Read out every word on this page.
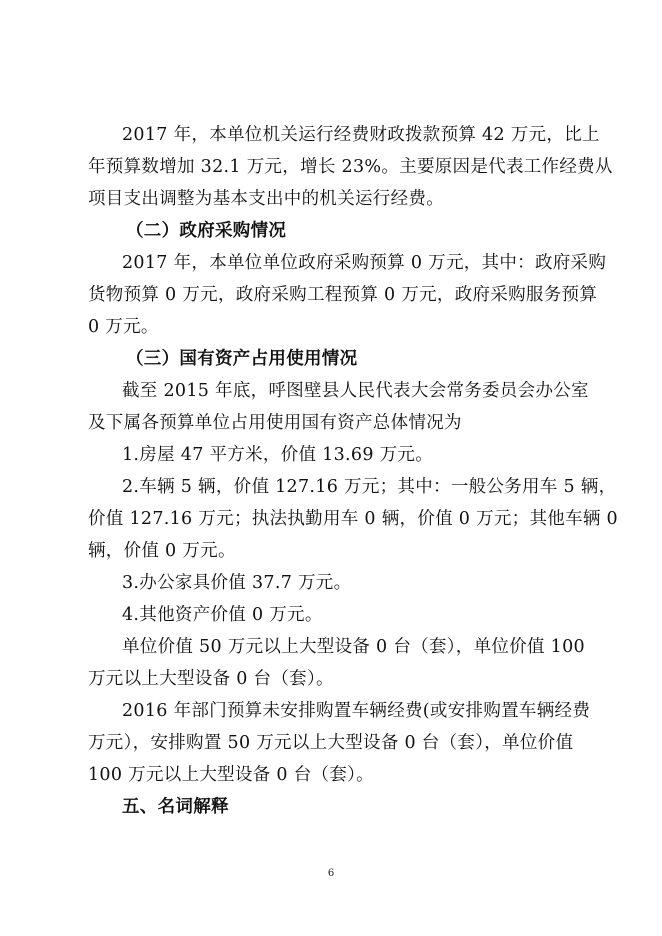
2017 年，本单位机关运行经费财政拨款预算 42 万元，比上
年预算数增加 32.1 万元，增长 23%。主要原因是代表工作经费从
项目支出调整为基本支出中的机关运行经费。
（二）政府采购情况
2017 年，本单位单位政府采购预算 0 万元，其中：政府采购
货物预算 0 万元，政府采购工程预算 0 万元，政府采购服务预算
0 万元。
（三）国有资产占用使用情况
截至 2015 年底，呼图壁县人民代表大会常务委员会办公室
及下属各预算单位占用使用国有资产总体情况为
1.房屋 47 平方米，价值 13.69 万元。
2.车辆 5 辆，价值 127.16 万元；其中：一般公务用车 5 辆，
价值 127.16 万元；执法执勤用车 0 辆，价值 0 万元；其他车辆 0
辆，价值 0 万元。
3.办公家具价值 37.7 万元。
4.其他资产价值 0 万元。
单位价值 50 万元以上大型设备 0 台（套），单位价值 100
万元以上大型设备 0 台（套）。
2016 年部门预算未安排购置车辆经费(或安排购置车辆经费
万元），安排购置 50 万元以上大型设备 0 台（套），单位价值
100 万元以上大型设备 0 台（套）。
五、名词解释
6
